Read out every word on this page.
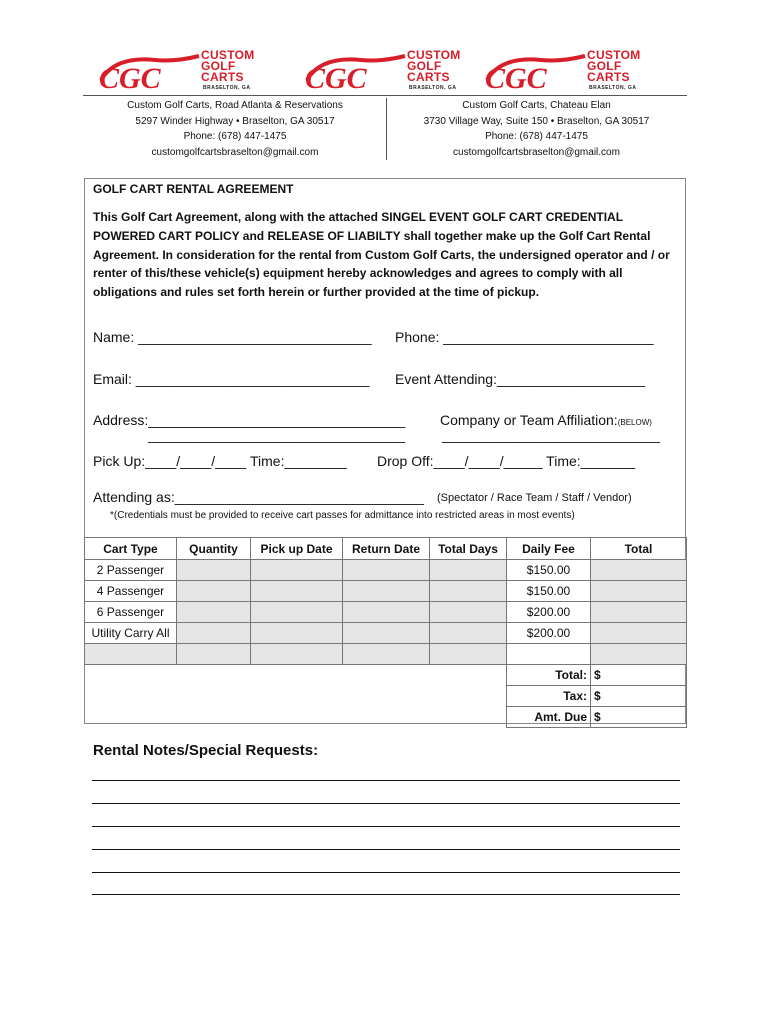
CGC
CUSTOM
GOLF
CARTS
BRASELTON, GA CGC
CUSTOM
GOLF
CARTS
BRASELTON, GA CGC
CUSTOM
GOLF
CARTS
BRASELTON, GA
Custom Golf Carts, Road Atlanta & Reservations
5297 Winder Highway • Braselton, GA 30517
Phone: (678) 447-1475
customgolfcartsbraselton@gmail.com
Custom Golf Carts, Chateau Elan
3730 Village Way, Suite 150 • Braselton, GA 30517
Phone: (678) 447-1475
customgolfcartsbraselton@gmail.com
GOLF CART RENTAL AGREEMENT
This Golf Cart Agreement, along with the attached SINGEL EVENT GOLF CART CREDENTIAL POWERED CART POLICY and RELEASE OF LIABILTY shall together make up the Golf Cart Rental Agreement. In consideration for the rental from Custom Golf Carts, the undersigned operator and / or renter of this/these vehicle(s) equipment hereby acknowledges and agrees to comply with all obligations and rules set forth herein or further provided at the time of pickup.
Name: ______________________________ Phone: ___________________________
Email: ______________________________ Event Attending:___________________
Address:_________________________________ Company or Team Affiliation:(BELOW)
_________________________________	____________________________
Pick Up:____/____/____ Time:________ Drop Off:____/____/_____ Time:_______
Attending as:________________________________ (Spectator / Race Team / Staff / Vendor)
*(Credentials must be provided to receive cart passes for admittance into restricted areas in most events)
Cart Type	Quantity	Pick up Date	Return Date	Total Days	Daily Fee	Total
2 Passenger					$150.00	
4 Passenger					$150.00	
6 Passenger					$200.00	
Utility Carry All					$200.00	

					Total:	$
					Tax:	$
					Amt. Due	$
Rental Notes/Special Requests:
